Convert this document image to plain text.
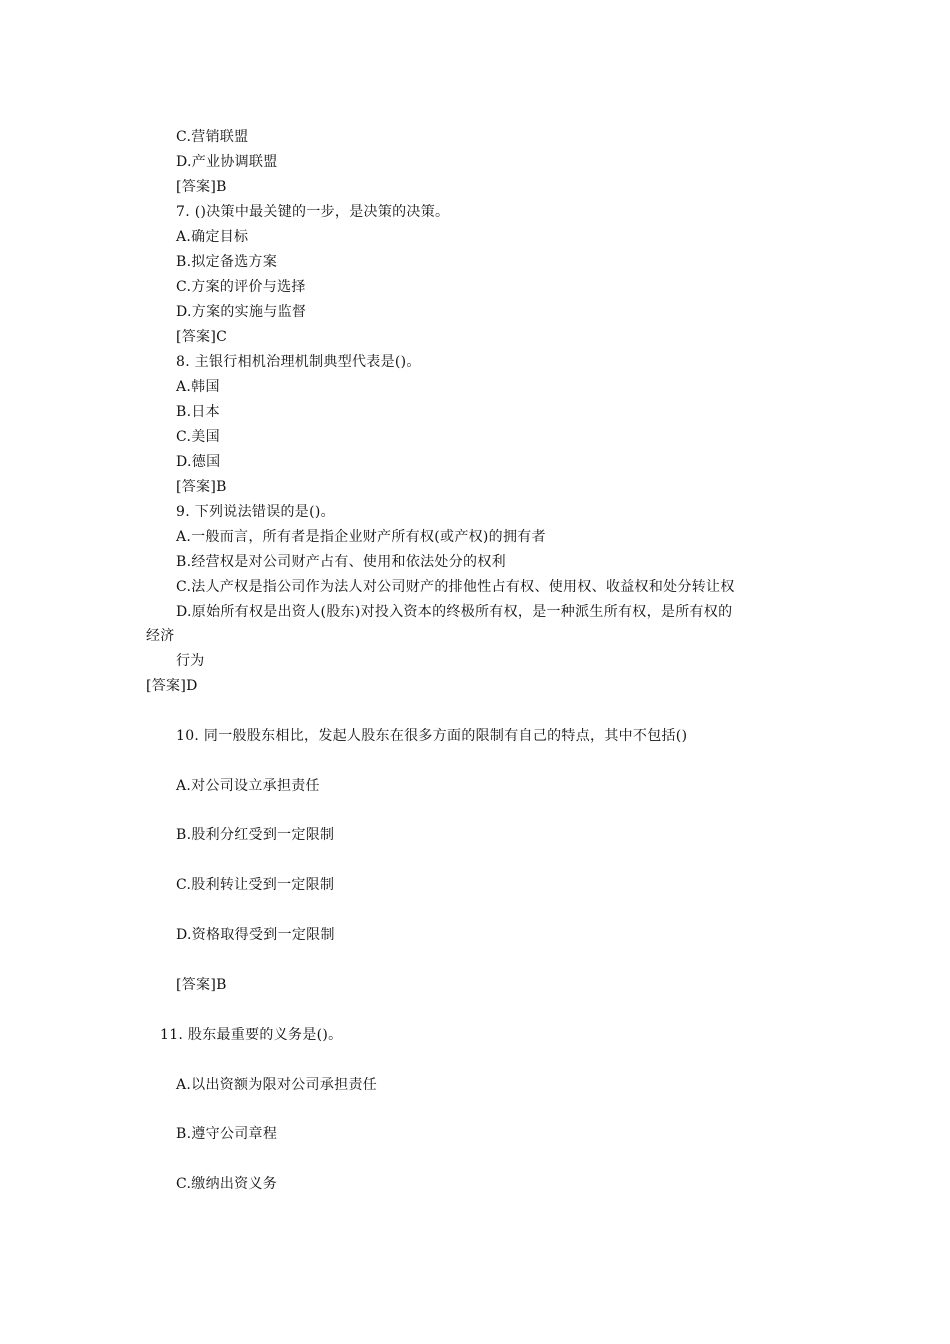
C.营销联盟
D.产业协调联盟
[答案]B
7. ()决策中最关键的一步，是决策的决策。
A.确定目标
B.拟定备选方案
C.方案的评价与选择
D.方案的实施与监督
[答案]C
8. 主银行相机治理机制典型代表是()。
A.韩国
B.日本
C.美国
D.德国
[答案]B
9. 下列说法错误的是()。
A.一般而言，所有者是指企业财产所有权(或产权)的拥有者
B.经营权是对公司财产占有、使用和依法处分的权利
C.法人产权是指公司作为法人对公司财产的排他性占有权、使用权、收益权和处分转让权
D.原始所有权是出资人(股东)对投入资本的终极所有权，是一种派生所有权，是所有权的
经济
行为
[答案]D
10. 同一般股东相比，发起人股东在很多方面的限制有自己的特点，其中不包括()
A.对公司设立承担责任
B.股利分红受到一定限制
C.股利转让受到一定限制
D.资格取得受到一定限制
[答案]B
11. 股东最重要的义务是()。
A.以出资额为限对公司承担责任
B.遵守公司章程
C.缴纳出资义务
